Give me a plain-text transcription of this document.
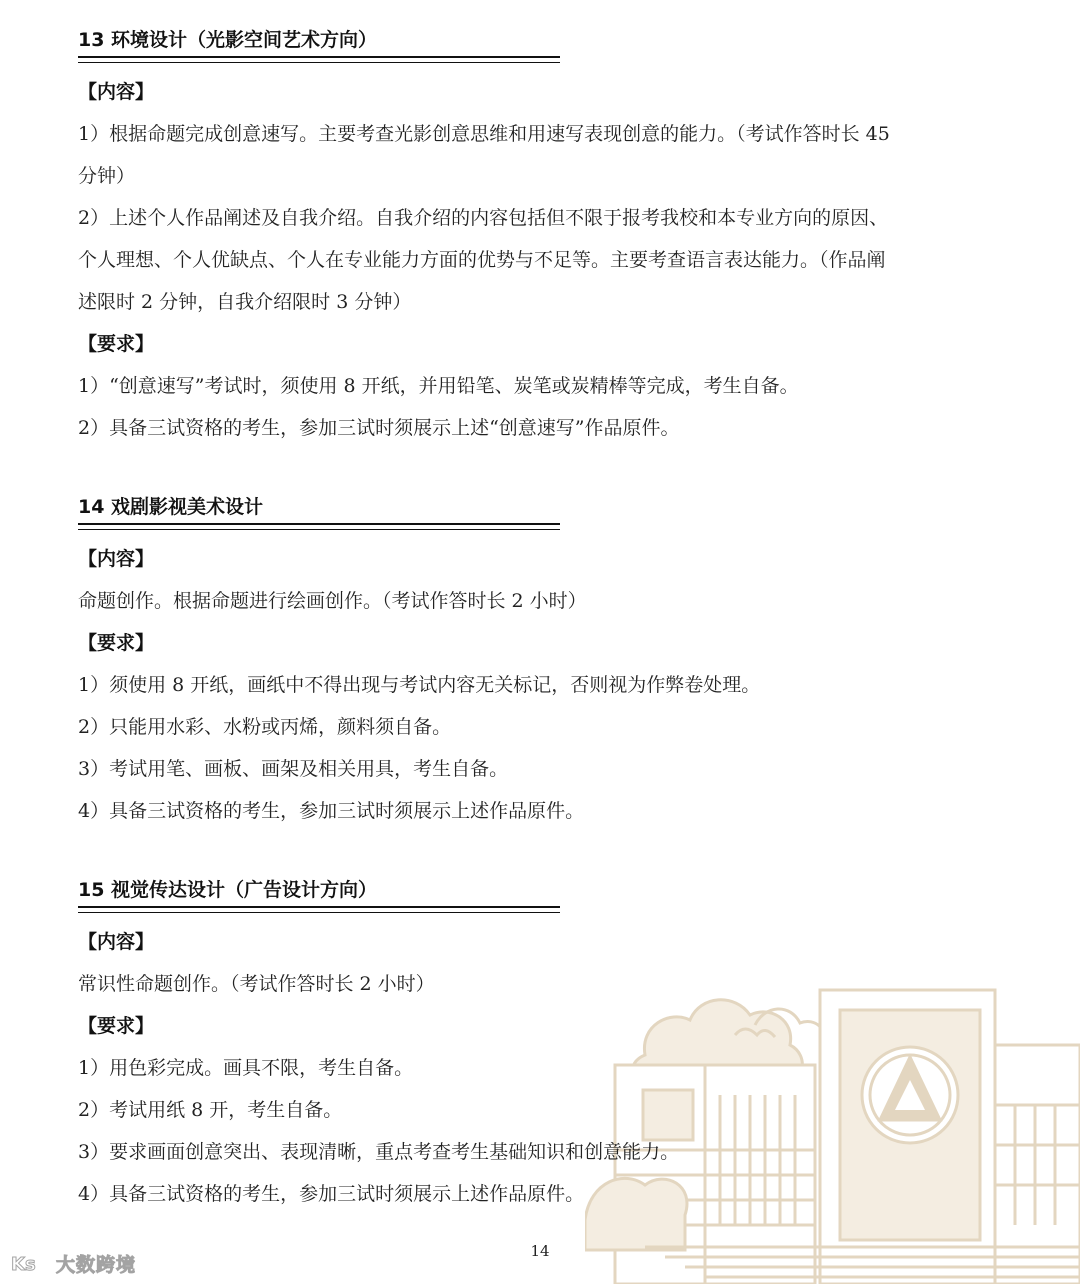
13 环境设计（光影空间艺术方向）
【内容】

1）根据命题完成创意速写。主要考查光影创意思维和用速写表现创意的能力。（考试作答时长 45
分钟）

2）上述个人作品阐述及自我介绍。自我介绍的内容包括但不限于报考我校和本专业方向的原因、
个人理想、个人优缺点、个人在专业能力方面的优势与不足等。主要考查语言表达能力。（作品阐
述限时 2 分钟，自我介绍限时 3 分钟）

【要求】

1）“创意速写”考试时，须使用 8 开纸，并用铅笔、炭笔或炭精棒等完成，考生自备。
2）具备三试资格的考生，参加三试时须展示上述“创意速写”作品原件。

14 戏剧影视美术设计
【内容】

命题创作。根据命题进行绘画创作。（考试作答时长 2 小时）

【要求】

1）须使用 8 开纸，画纸中不得出现与考试内容无关标记，否则视为作弊卷处理。
2）只能用水彩、水粉或丙烯，颜料须自备。
3）考试用笔、画板、画架及相关用具，考生自备。
4）具备三试资格的考生，参加三试时须展示上述作品原件。

15 视觉传达设计（广告设计方向）
【内容】

常识性命题创作。（考试作答时长 2 小时）

【要求】

1）用色彩完成。画具不限，考生自备。
2）考试用纸 8 开，考生自备。
3）要求画面创意突出、表现清晰，重点考查考生基础知识和创意能力。
4）具备三试资格的考生，参加三试时须展示上述作品原件。

14
Ks 大数跨境
